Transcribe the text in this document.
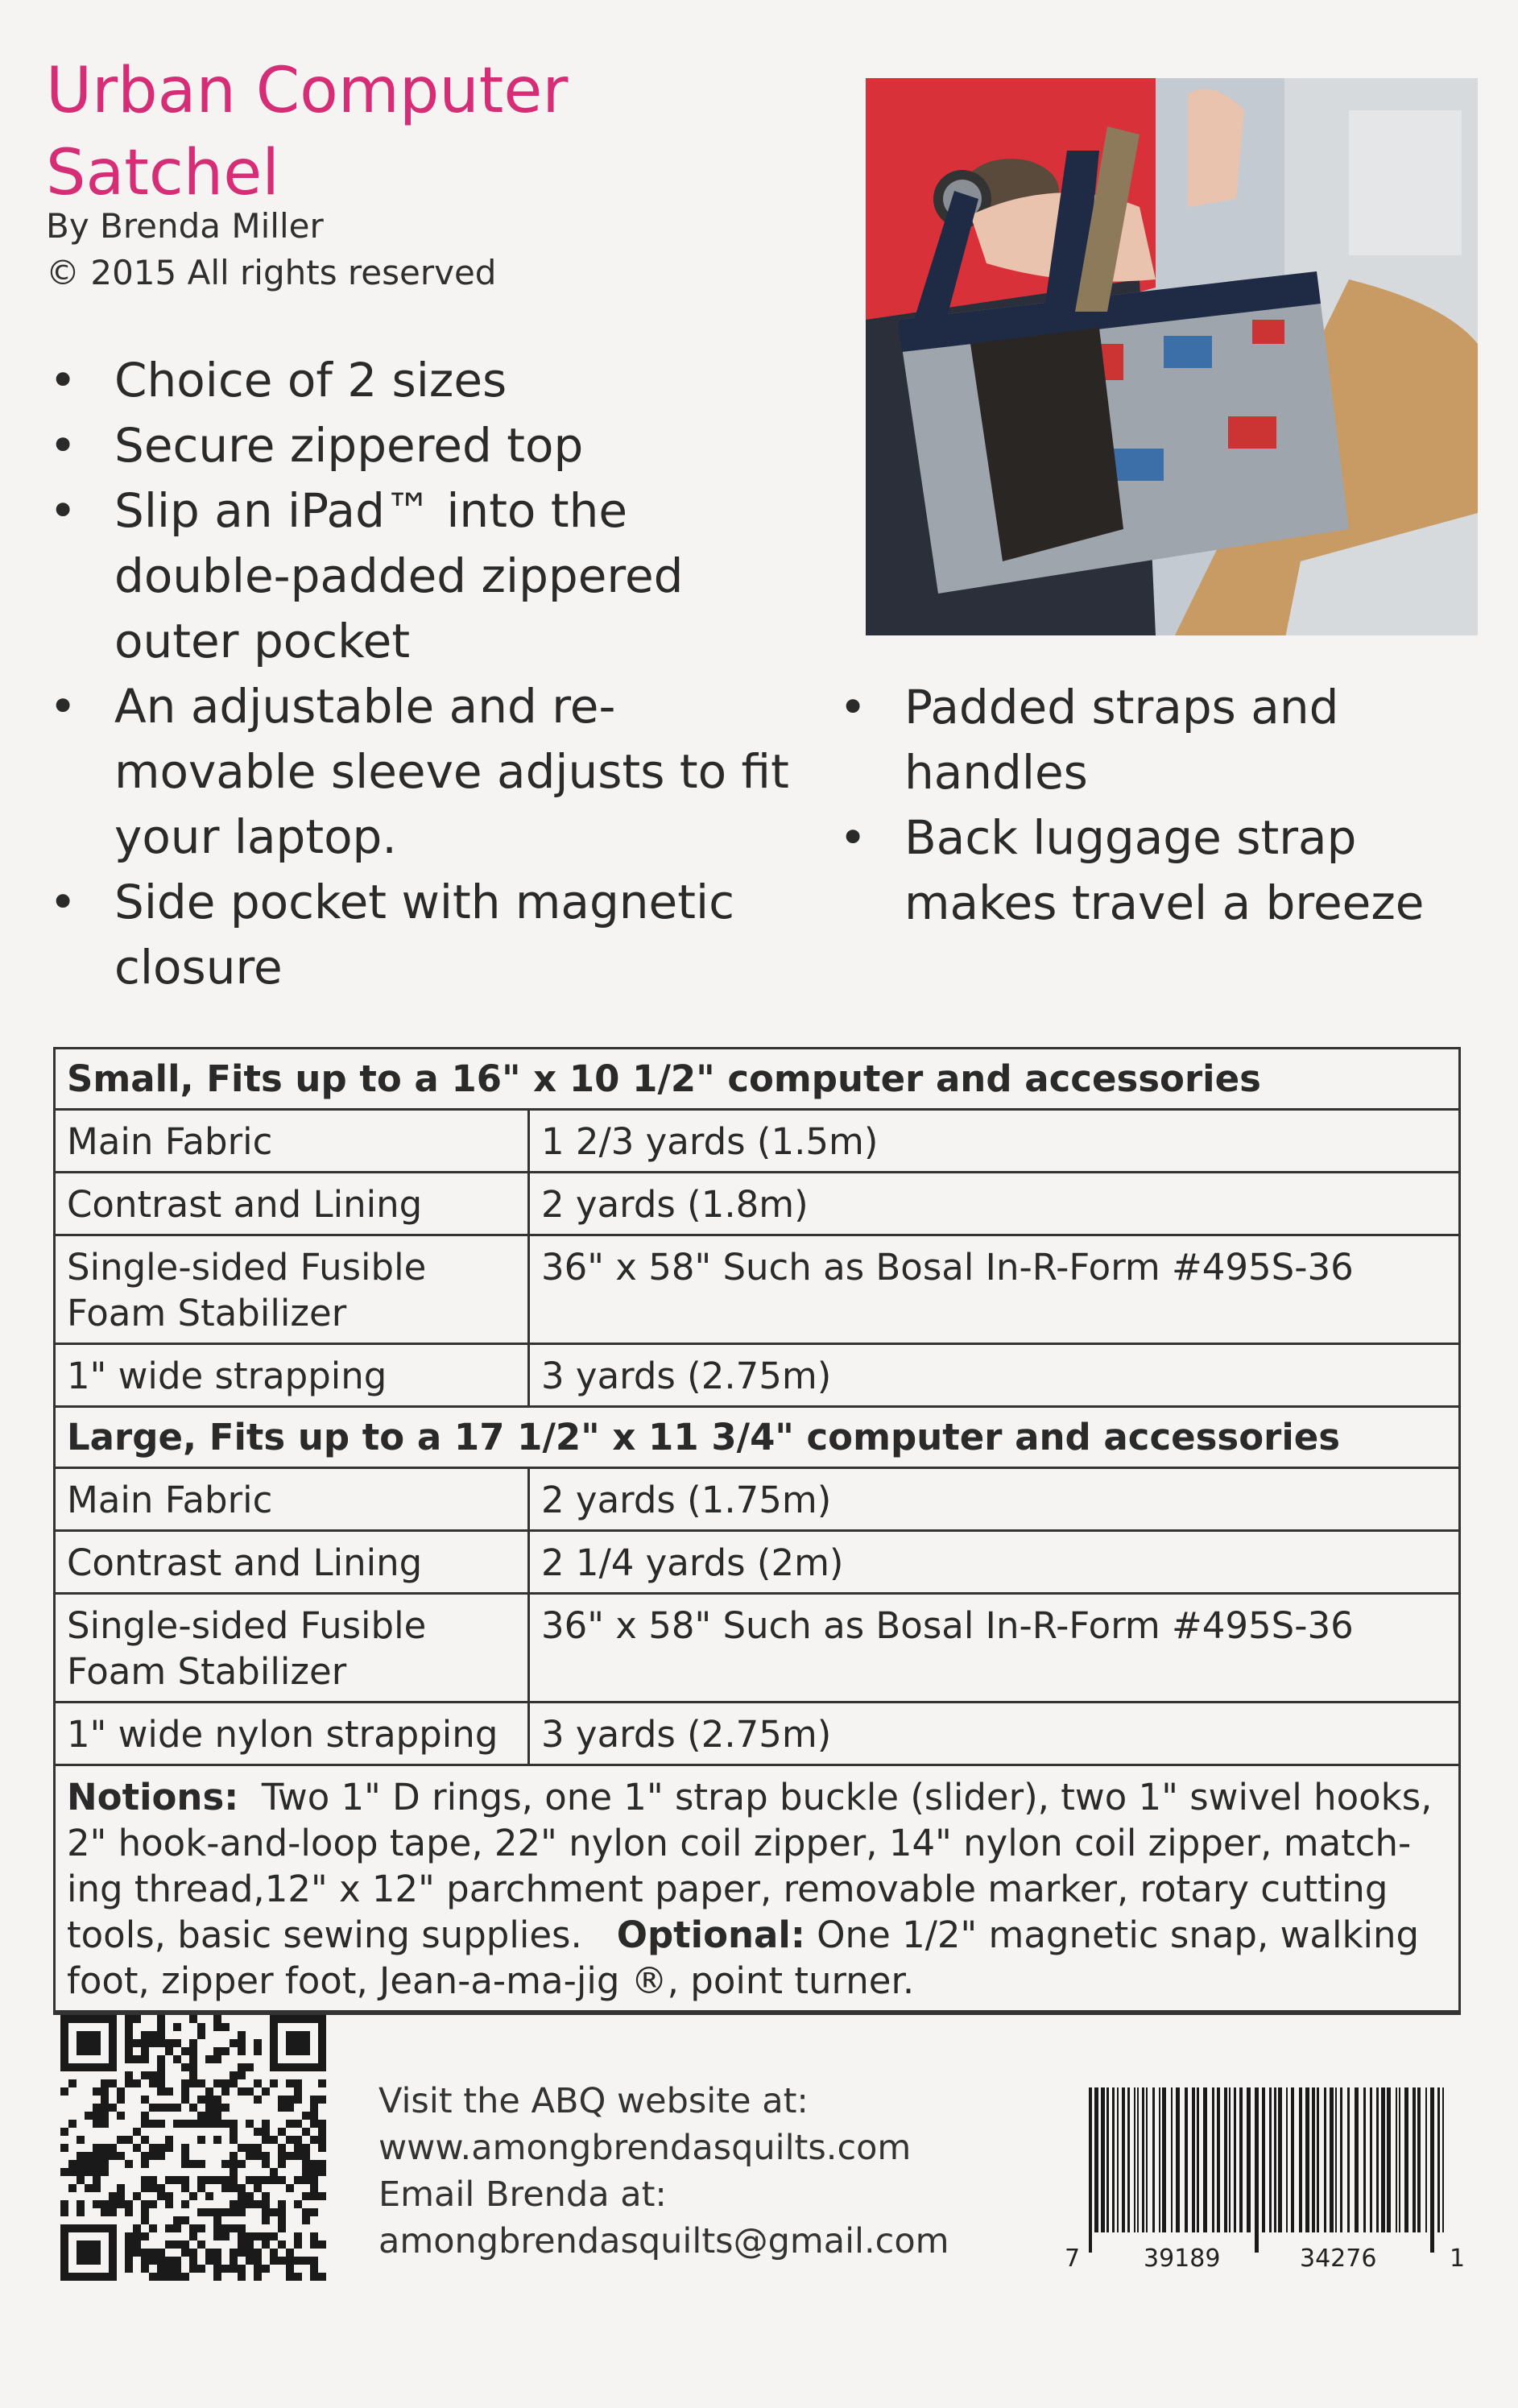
Urban Computer
Satchel
By Brenda Miller
© 2015 All rights reserved
• Choice of 2 sizes
• Secure zippered top
• Slip an iPad™ into the double-padded zippered outer pocket
• An adjustable and re-movable sleeve adjusts to fit your laptop.
• Side pocket with magnetic closure
• Padded straps and handles
• Back luggage strap makes travel a breeze
Small, Fits up to a 16" x 10 1/2" computer and accessories	
Main Fabric	1 2/3 yards (1.5m)
Contrast and Lining	2 yards (1.8m)
Single-sided Fusible Foam Stabilizer	36" x 58" Such as Bosal In-R-Form #495S-36
1" wide strapping	3 yards (2.75m)
Large, Fits up to a 17 1/2" x 11 3/4" computer and accessories	
Main Fabric	2 yards (1.75m)
Contrast and Lining	2 1/4 yards (2m)
Single-sided Fusible Foam Stabilizer	36" x 58" Such as Bosal In-R-Form #495S-36
1" wide nylon strapping	3 yards (2.75m)
Notions: Two 1" D rings, one 1" strap buckle (slider), two 1" swivel hooks, 2" hook-and-loop tape, 22" nylon coil zipper, 14" nylon coil zipper, match-ing thread,12" x 12" parchment paper, removable marker, rotary cutting tools, basic sewing supplies. Optional: One 1/2" magnetic snap, walking foot, zipper foot, Jean-a-ma-jig ®, point turner.	
Visit the ABQ website at:
www.amongbrendasquilts.com
Email Brenda at:
amongbrendasquilts@gmail.com	7	39189	34276	1
